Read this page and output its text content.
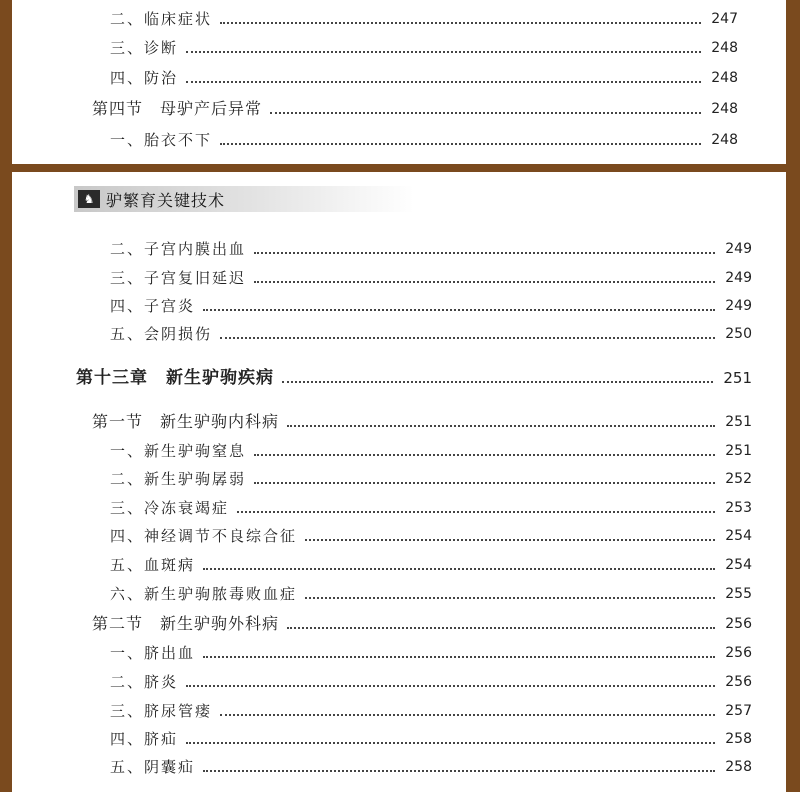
二、临床症状	247
三、诊断	248
四、防治	248
第四节　母驴产后异常	248
一、胎衣不下	248
♞ 驴繁育关键技术
二、子宫内膜出血	249
三、子宫复旧延迟	249
四、子宫炎	249
五、会阴损伤	250
第十三章　新生驴驹疾病	251
第一节　新生驴驹内科病	251
一、新生驴驹窒息	251
二、新生驴驹孱弱	252
三、冷冻衰竭症	253
四、神经调节不良综合征	254
五、血斑病	254
六、新生驴驹脓毒败血症	255
第二节　新生驴驹外科病	256
一、脐出血	256
二、脐炎	256
三、脐尿管瘘	257
四、脐疝	258
五、阴囊疝	258
